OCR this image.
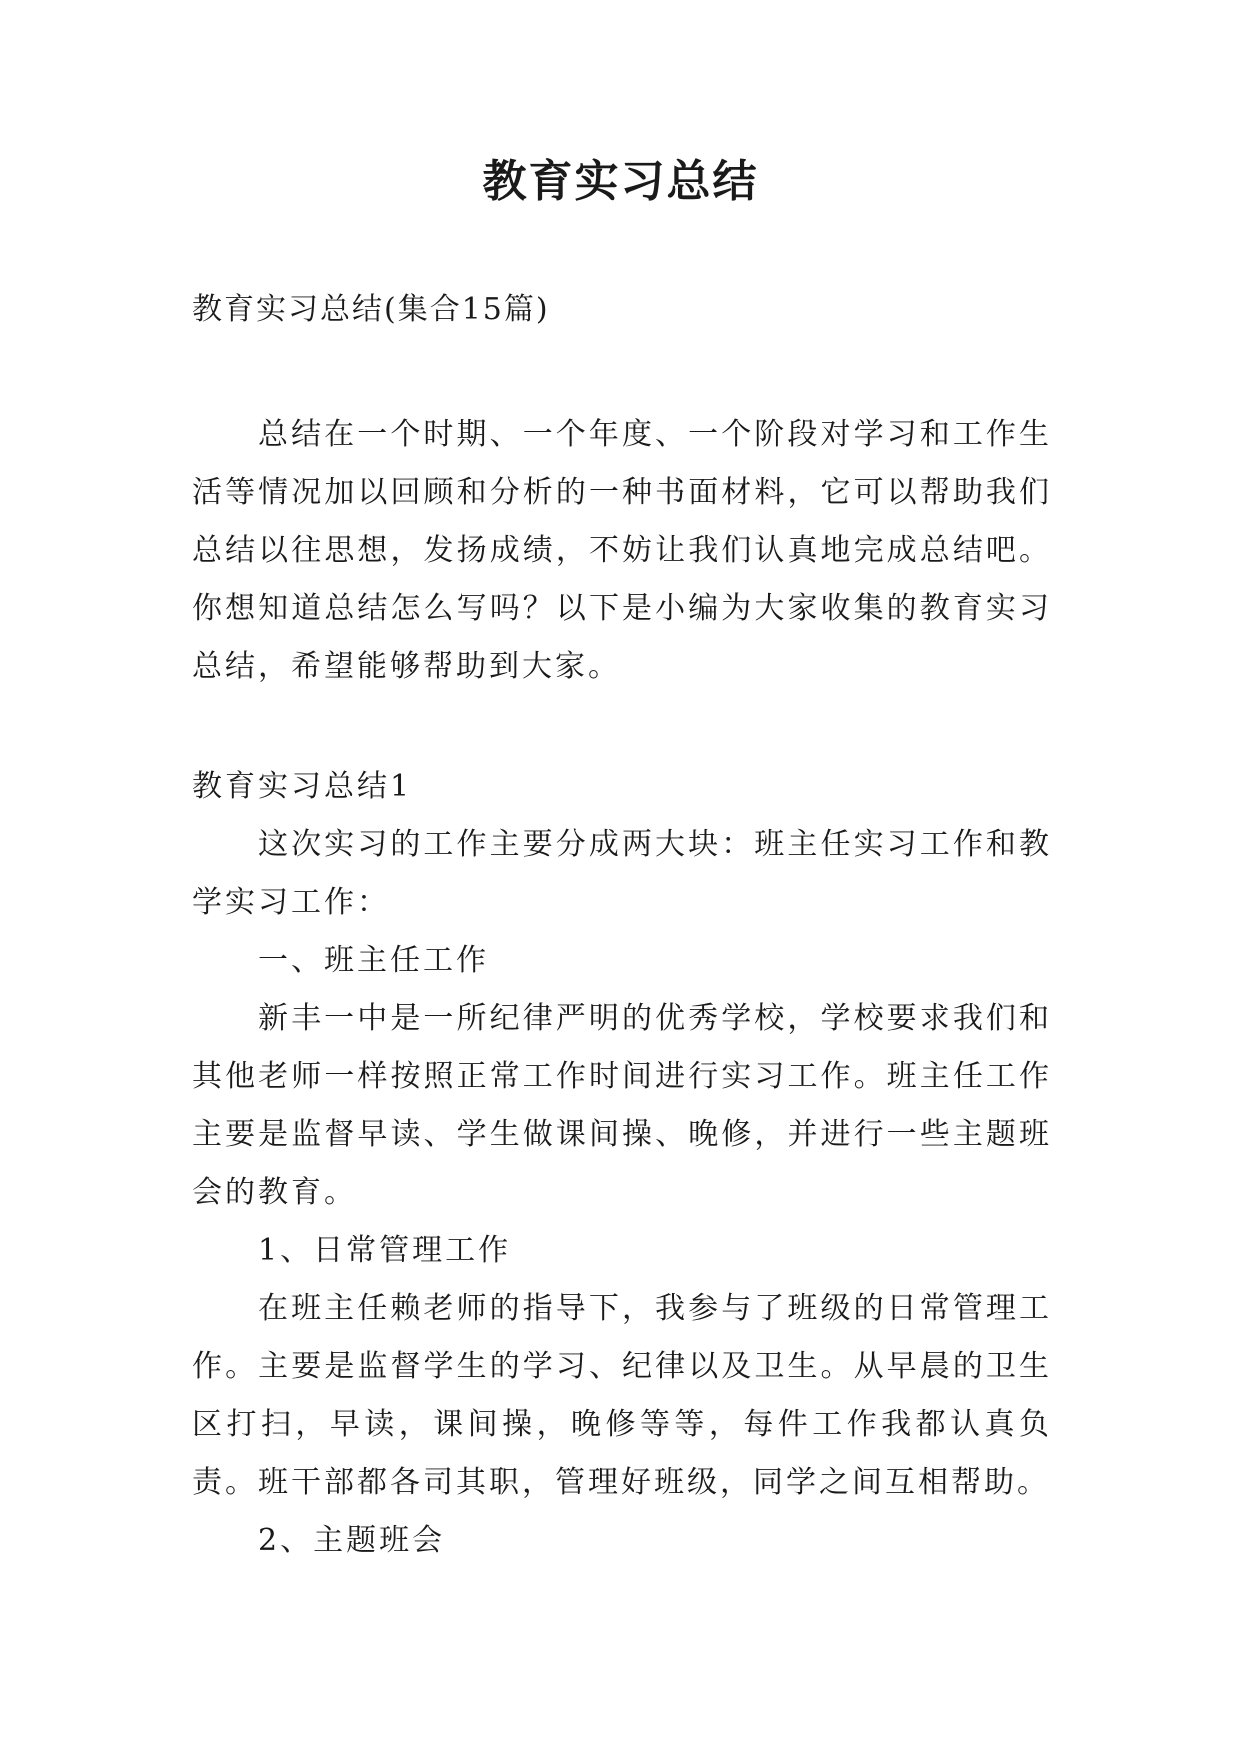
教育实习总结

教育实习总结(集合15篇)

总结在一个时期、一个年度、一个阶段对学习和工作生活等情况加以回顾和分析的一种书面材料，它可以帮助我们总结以往思想，发扬成绩，不妨让我们认真地完成总结吧。你想知道总结怎么写吗？以下是小编为大家收集的教育实习总结，希望能够帮助到大家。

教育实习总结1

这次实习的工作主要分成两大块：班主任实习工作和教学实习工作：

一、班主任工作

新丰一中是一所纪律严明的优秀学校，学校要求我们和其他老师一样按照正常工作时间进行实习工作。班主任工作主要是监督早读、学生做课间操、晚修，并进行一些主题班会的教育。

1、日常管理工作

在班主任赖老师的指导下，我参与了班级的日常管理工作。主要是监督学生的学习、纪律以及卫生。从早晨的卫生区打扫，早读，课间操，晚修等等，每件工作我都认真负责。班干部都各司其职，管理好班级，同学之间互相帮助。

2、主题班会
